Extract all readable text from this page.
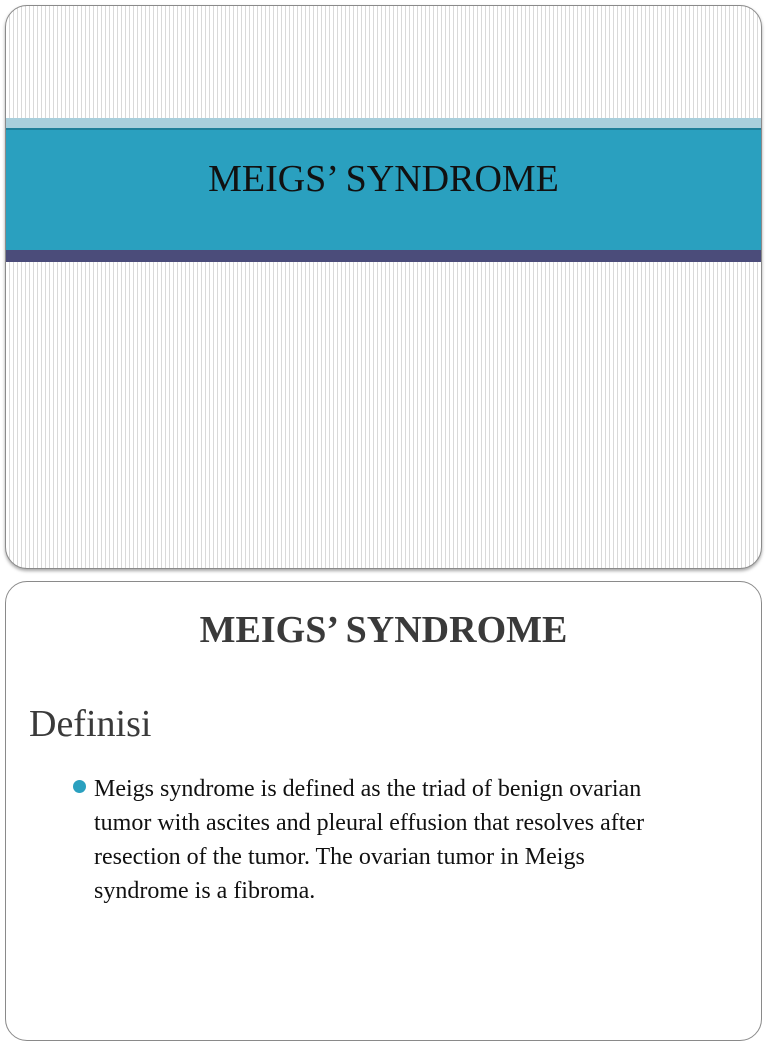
MEIGS’ SYNDROME
MEIGS’ SYNDROME
Definisi
Meigs syndrome is defined as the triad of benign ovarian tumor with ascites and pleural effusion that resolves after resection of the tumor. The ovarian tumor in Meigs syndrome is a fibroma.
